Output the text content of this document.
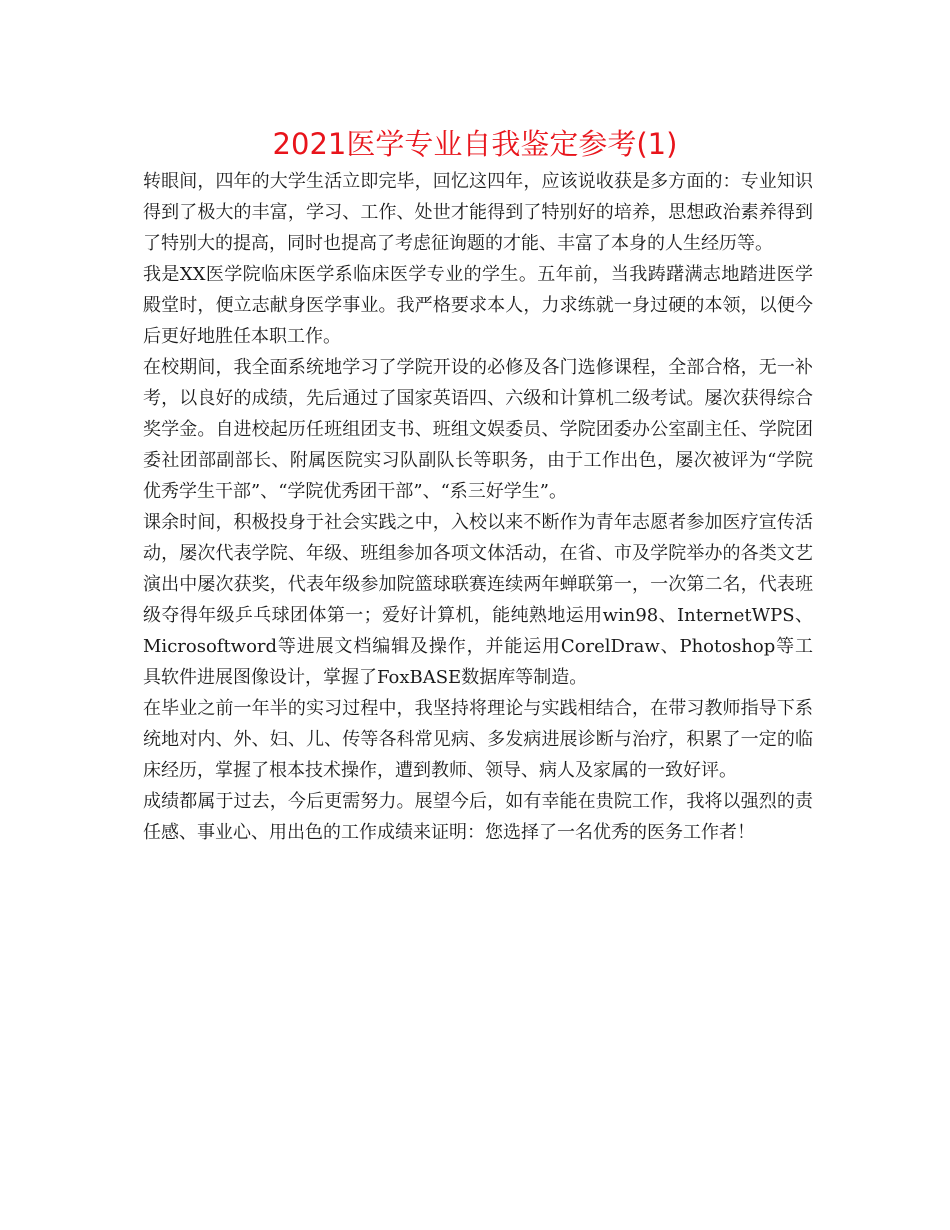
2021医学专业自我鉴定参考(1)

转眼间，四年的大学生活立即完毕，回忆这四年，应该说收获是多方面的：专业知识得到了极大的丰富，学习、工作、处世才能得到了特别好的培养，思想政治素养得到了特别大的提高，同时也提高了考虑征询题的才能、丰富了本身的人生经历等。

我是XX医学院临床医学系临床医学专业的学生。五年前，当我踌躇满志地踏进医学殿堂时，便立志献身医学事业。我严格要求本人，力求练就一身过硬的本领，以便今后更好地胜任本职工作。

在校期间，我全面系统地学习了学院开设的必修及各门选修课程，全部合格，无一补考，以良好的成绩，先后通过了国家英语四、六级和计算机二级考试。屡次获得综合奖学金。自进校起历任班组团支书、班组文娱委员、学院团委办公室副主任、学院团委社团部副部长、附属医院实习队副队长等职务，由于工作出色，屡次被评为“学院优秀学生干部”、“学院优秀团干部”、“系三好学生”。

课余时间，积极投身于社会实践之中，入校以来不断作为青年志愿者参加医疗宣传活动，屡次代表学院、年级、班组参加各项文体活动，在省、市及学院举办的各类文艺演出中屡次获奖，代表年级参加院篮球联赛连续两年蝉联第一，一次第二名，代表班级夺得年级乒乓球团体第一；爱好计算机，能纯熟地运用win98、InternetWPS、Microsoftword等进展文档编辑及操作，并能运用CorelDraw、Photoshop等工具软件进展图像设计，掌握了FoxBASE数据库等制造。

在毕业之前一年半的实习过程中，我坚持将理论与实践相结合，在带习教师指导下系统地对内、外、妇、儿、传等各科常见病、多发病进展诊断与治疗，积累了一定的临床经历，掌握了根本技术操作，遭到教师、领导、病人及家属的一致好评。

成绩都属于过去，今后更需努力。展望今后，如有幸能在贵院工作，我将以强烈的责任感、事业心、用出色的工作成绩来证明：您选择了一名优秀的医务工作者！
